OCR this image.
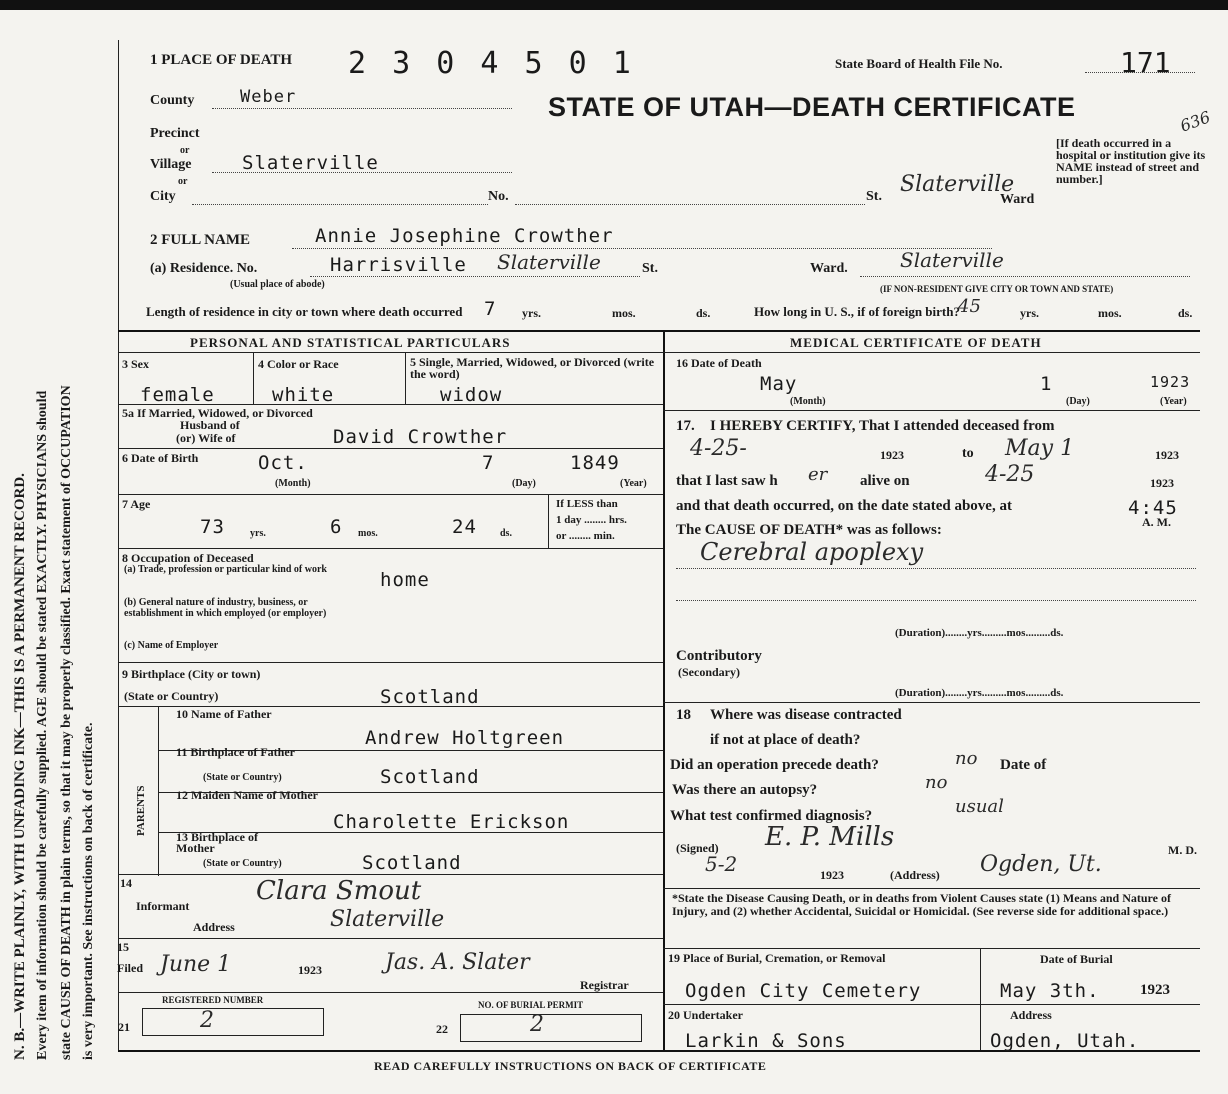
N. B.—WRITE PLAINLY, WITH UNFADING INK—THIS IS A PERMANENT RECORD. Every item of information should be carefully supplied. AGE should be stated EXACTLY. PHYSICIANS should state CAUSE OF DEATH in plain terms, so that it may be properly classified. Exact statement of OCCUPATION is very important. See instructions on back of certificate.
1 PLACE OF DEATH 2 3 0 4 5 0 1	State Board of Health File No.	171
STATE OF UTAH—DEATH CERTIFICATE	636
County	Weber
Precinct
or
Village	Slaterville
or
City	No.	St. Slaterville
Ward
[If death occurred in a hospital or institution give its NAME instead of street and number.]
2 FULL NAME	Annie Josephine Crowther
(a) Residence. No.	Harrisville Slaterville	St.	Ward.	Slaterville
(Usual place of abode)	(IF NON-RESIDENT GIVE CITY OR TOWN AND STATE)
Length of residence in city or town where death occurred 7 yrs.	mos.	ds.	How long in U. S., if of foreign birth?
45	yrs.	mos.	ds.
PERSONAL AND STATISTICAL PARTICULARS
3 Sex
female
4 Color or Race
white
5 Single, Married, Widowed, or Divorced (write the word)
widow
5a If Married, Widowed, or Divorced
Husband of
(or) Wife of	David Crowther
6 Date of Birth	Oct.	7	1849
(Month)	(Day)	(Year)
7 Age
73	yrs.	6 mos.	24 ds.
If LESS than
1 day ........ hrs.
or ........ min.
8 Occupation of Deceased
(a) Trade, profession or particular kind of work	home
(b) General nature of industry, business, or establishment in which employed (or employer)
(c) Name of Employer
9 Birthplace (City or town)
(State or Country)	Scotland
PARENTS
10 Name of Father
Andrew Holtgreen
11 Birthplace of Father
(State or Country)	Scotland
12 Maiden Name of Mother
Charolette Erickson
13 Birthplace of Mother
(State or Country)	Scotland
14
Informant	Clara Smout
Address	Slaterville
15
Filed June 1	1923	Jas. A. Slater
Registrar
REGISTERED NUMBER
21	2
NO. OF BURIAL PERMIT
22	2
MEDICAL CERTIFICATE OF DEATH
16 Date of Death
May	1	1923
(Month)	(Day)	(Year)
17. I HEREBY CERTIFY, That I attended deceased from
4-25-	1923	to May 1	1923
that I last saw h er alive on	4-25	1923
and that death occurred, on the date stated above, at	4:45
A. M.
The CAUSE OF DEATH* was as follows:
Cerebral apoplexy
(Duration)........yrs.........mos.........ds.
Contributory
(Secondary)
(Duration)........yrs.........mos.........ds.
18 Where was disease contracted
if not at place of death?
Did an operation precede death?	no Date of
Was there an autopsy?	no
What test confirmed diagnosis?	usual
(Signed) E. P. Mills	M. D.
5-2	1923	(Address) Ogden, Ut.
*State the Disease Causing Death, or in deaths from Violent Causes state (1) Means and Nature of Injury, and (2) whether Accidental, Suicidal or Homicidal. (See reverse side for additional space.)
19 Place of Burial, Cremation, or Removal
Ogden City Cemetery
Date of Burial
May 3th.	1923
20 Undertaker
Larkin & Sons
Address
Ogden, Utah.
READ CAREFULLY INSTRUCTIONS ON BACK OF CERTIFICATE
